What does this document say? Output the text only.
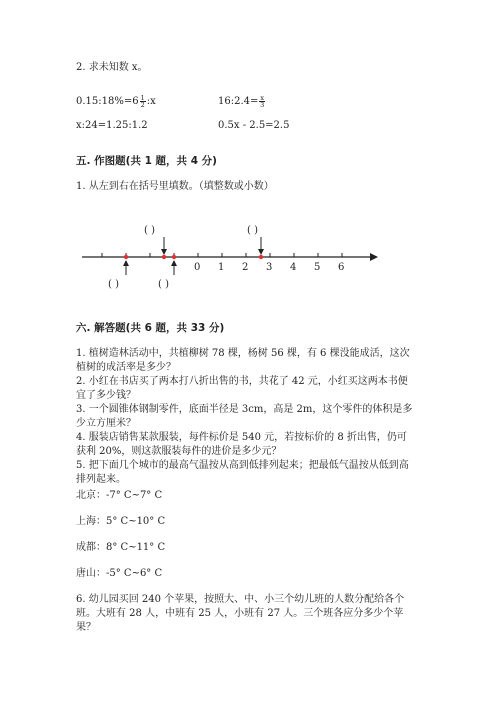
2. 求未知数 x。
0.15:18%=6 $\frac{1}{2}$ :x	16:2.4= $\frac{x}{3}$
x:24=1.25:1.2	0.5x - 2.5=2.5
五. 作图题(共 1 题，共 4 分)
1. 从左到右在括号里填数。（填整数或小数）
( )	( )
0 1 2 3 4 5 6
( )	( )
六. 解答题(共 6 题，共 33 分)
1. 植树造林活动中，共植柳树 78 棵，杨树 56 棵，有 6 棵没能成活，这次植树的成活率是多少？
2. 小红在书店买了两本打八折出售的书，共花了 42 元，小红买这两本书便宜了多少钱？
3. 一个圆锥体钢制零件，底面半径是 3cm，高是 2m，这个零件的体积是多少立方厘米？
4. 服装店销售某款服装，每件标价是 540 元，若按标价的 8 折出售，仍可获利 20%，则这款服装每件的进价是多少元？
5. 把下面几个城市的最高气温按从高到低排列起来；把最低气温按从低到高排列起来。
北京：-7° C~7° C
上海：5° C~10° C
成都：8° C~11° C
唐山：-5° C~6° C
6. 幼儿园买回 240 个苹果，按照大、中、小三个幼儿班的人数分配给各个班。大班有 28 人，中班有 25 人，小班有 27 人。三个班各应分多少个苹果？
